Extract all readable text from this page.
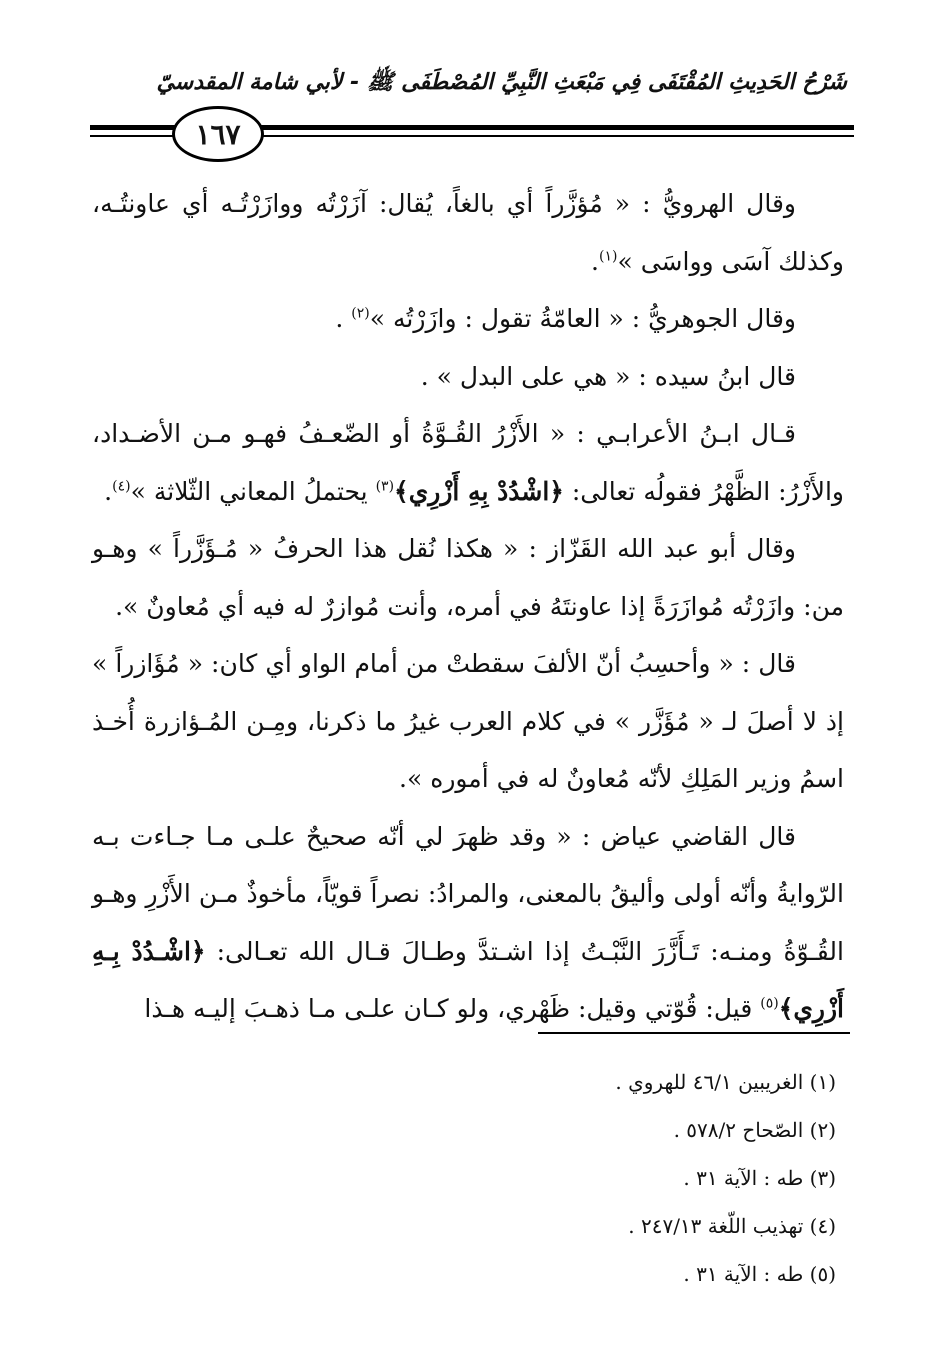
شَرْحُ الحَدِيثِ المُقْتَفَى فِي مَبْعَثِ النَّبِيِّ المُصْطَفَى ﷺ - لأبي شامة المقدسيّ
١٦٧

وقال الهرويُّ : « مُؤزَّراً أي بالغاً، يُقال: آزَرْتُه ووازَرْتُـه أي عاونتُـه، وكذلك آسَى وواسَى »$^{(١)}$.

وقال الجوهريُّ : « العامّةُ تقول : وازَرْتُه »$^{(٢)}$ .

قال ابنُ سيده : « هي على البدل » .

قـال ابـنُ الأعرابـي : « الأَزْرُ القُـوَّةُ أو الضّعـفُ فهـو مـن الأضـداد، والأَزْرُ: الظَّهْرُ فقولُه تعالى: ﴿اشْدُدْ بِهِ أَزْرِي﴾$^{(٣)}$ يحتملُ المعاني الثّلاثة »$^{(٤)}$.

وقال أبو عبد الله القَزّاز : « هكذا نُقل هذا الحرفُ « مُـؤَزَّراً » وهـو من: وازَرْتُه مُوازَرَةً إذا عاونتَهُ في أمره، وأنت مُوازرٌ له فيه أي مُعاونٌ ».

قال : « وأحسِبُ أنّ الألفَ سقطتْ من أمام الواو أي كان: « مُؤَازراً » إذ لا أصلَ لـ « مُؤَزَّر » في كلام العرب غيرُ ما ذكرنا، ومِـن المُـؤازرة أُخـذ اسمُ وزير المَلِكِ لأنّه مُعاونٌ له في أموره ».

قال القاضي عياض : « وقد ظهرَ لي أنّه صحيحٌ علـى مـا جـاءت بـه الرّوايةُ وأنّه أولى وأليقُ بالمعنى، والمرادُ: نصراً قويّاً، مأخوذٌ مـن الأَزْرِ وهـو القُـوّةُ ومنـه: تَـأَزَّرَ النَّبْـتُ إذا اشـتدَّ وطـالَ قـال الله تعـالى: ﴿اشْـدُدْ بِـهِ أَزْرِي﴾$^{(٥)}$ قيل: قُوّتي وقيل: ظَهْري، ولو كـان علـى مـا ذهـبَ إليـه هـذا

(١) الغريبين ٤٦/١ للهروي .

(٢) الصّحاح ٥٧٨/٢ .

(٣) طه : الآية ٣١ .

(٤) تهذيب اللّغة ٢٤٧/١٣ .

(٥) طه : الآية ٣١ .
